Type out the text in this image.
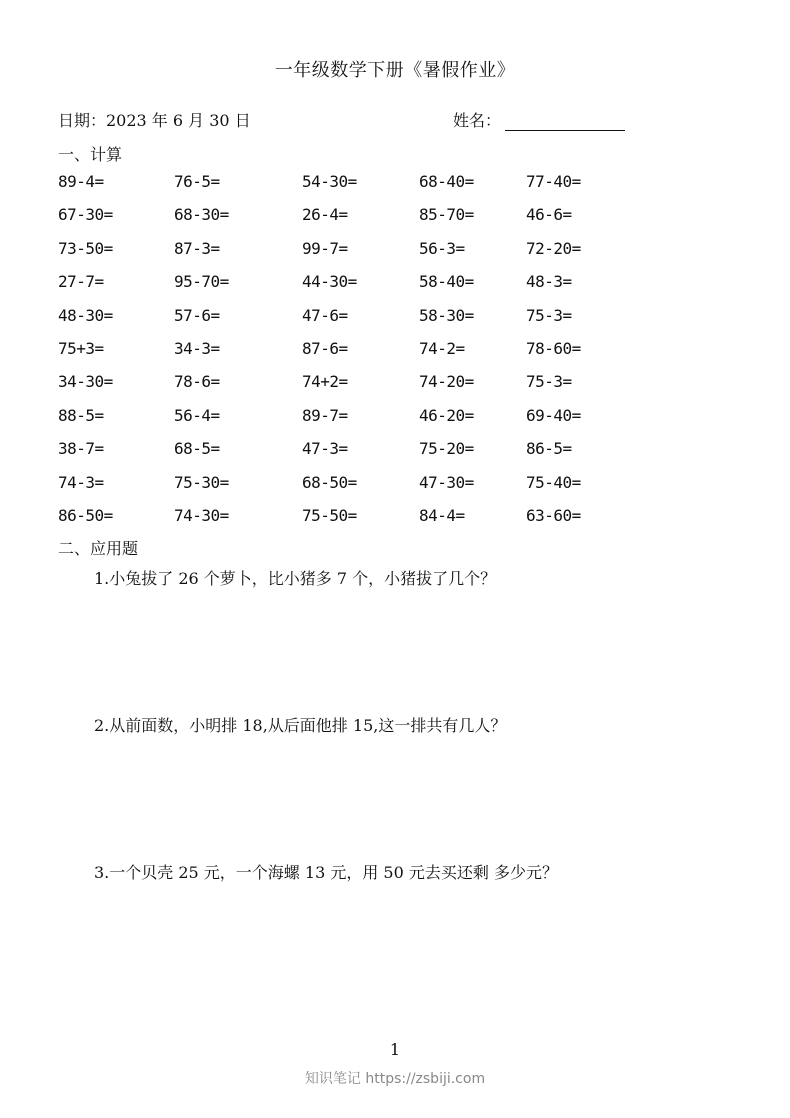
一年级数学下册《暑假作业》
日期：2023 年 6 月 30 日	姓名：
一、计算
89-4=	76-5=	54-30=	68-40=	77-40=
67-30=	68-30=	26-4=	85-70=	46-6=
73-50=	87-3=	99-7=	56-3=	72-20=
27-7=	95-70=	44-30=	58-40=	48-3=
48-30=	57-6=	47-6=	58-30=	75-3=
75+3=	34-3=	87-6=	74-2=	78-60=
34-30=	78-6=	74+2=	74-20=	75-3=
88-5=	56-4=	89-7=	46-20=	69-40=
38-7=	68-5=	47-3=	75-20=	86-5=
74-3=	75-30=	68-50=	47-30=	75-40=
86-50=	74-30=	75-50=	84-4=	63-60=
二、应用题
1.小兔拔了 26 个萝卜，比小猪多 7 个，小猪拔了几个？
2.从前面数，小明排 18,从后面他排 15,这一排共有几人？
3.一个贝壳 25 元，一个海螺 13 元，用 50 元去买还剩 多少元？
1
知识笔记 https://zsbiji.com
